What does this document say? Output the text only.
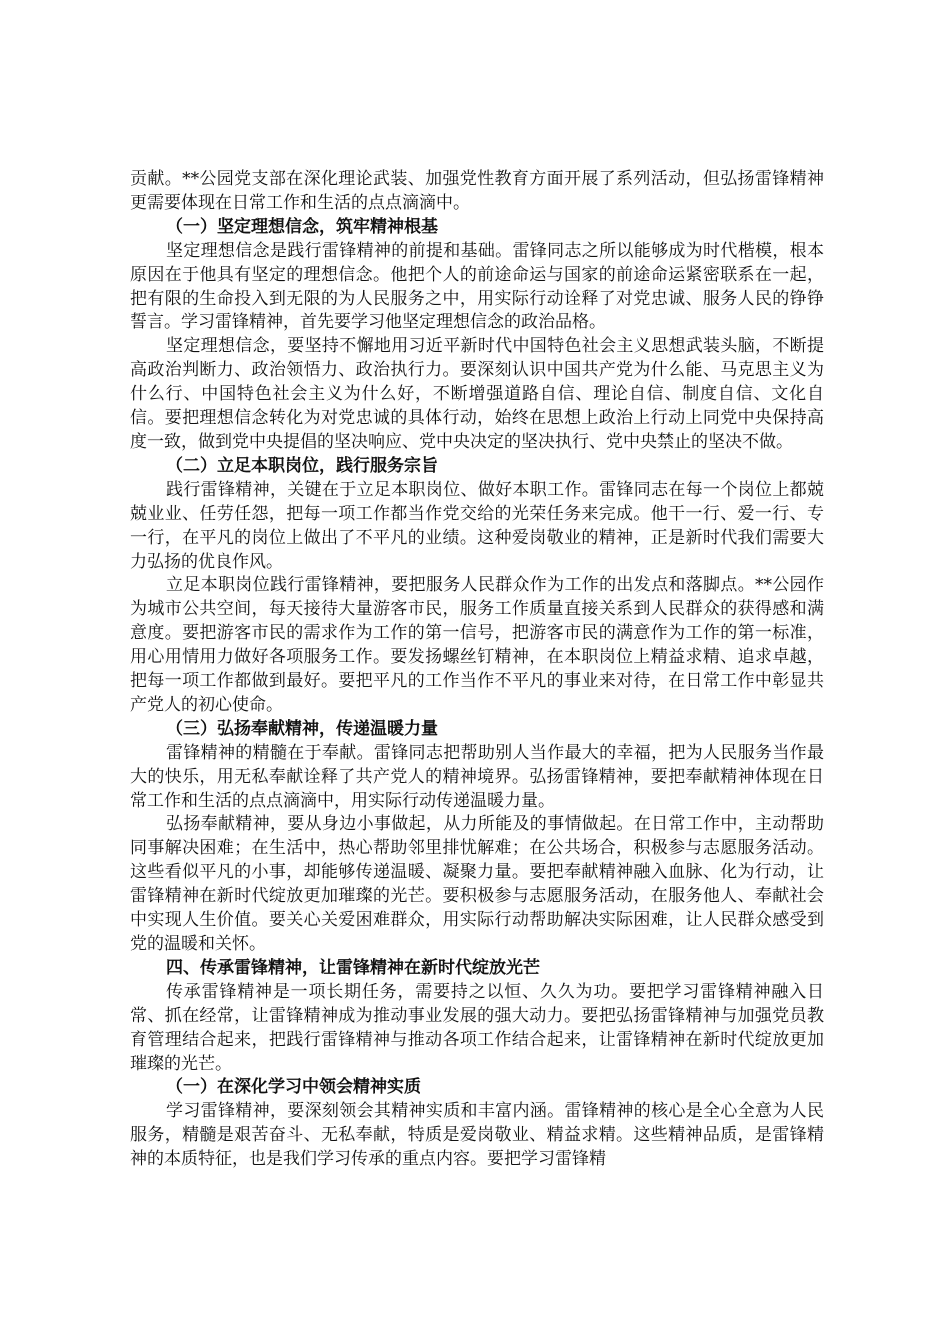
贡献。**公园党支部在深化理论武装、加强党性教育方面开展了系列活动，但弘扬雷锋精神更需要体现在日常工作和生活的点点滴滴中。

（一）坚定理想信念，筑牢精神根基

坚定理想信念是践行雷锋精神的前提和基础。雷锋同志之所以能够成为时代楷模，根本原因在于他具有坚定的理想信念。他把个人的前途命运与国家的前途命运紧密联系在一起，把有限的生命投入到无限的为人民服务之中，用实际行动诠释了对党忠诚、服务人民的铮铮誓言。学习雷锋精神，首先要学习他坚定理想信念的政治品格。

坚定理想信念，要坚持不懈地用习近平新时代中国特色社会主义思想武装头脑，不断提高政治判断力、政治领悟力、政治执行力。要深刻认识中国共产党为什么能、马克思主义为什么行、中国特色社会主义为什么好，不断增强道路自信、理论自信、制度自信、文化自信。要把理想信念转化为对党忠诚的具体行动，始终在思想上政治上行动上同党中央保持高度一致，做到党中央提倡的坚决响应、党中央决定的坚决执行、党中央禁止的坚决不做。

（二）立足本职岗位，践行服务宗旨

践行雷锋精神，关键在于立足本职岗位、做好本职工作。雷锋同志在每一个岗位上都兢兢业业、任劳任怨，把每一项工作都当作党交给的光荣任务来完成。他干一行、爱一行、专一行，在平凡的岗位上做出了不平凡的业绩。这种爱岗敬业的精神，正是新时代我们需要大力弘扬的优良作风。

立足本职岗位践行雷锋精神，要把服务人民群众作为工作的出发点和落脚点。**公园作为城市公共空间，每天接待大量游客市民，服务工作质量直接关系到人民群众的获得感和满意度。要把游客市民的需求作为工作的第一信号，把游客市民的满意作为工作的第一标准，用心用情用力做好各项服务工作。要发扬螺丝钉精神，在本职岗位上精益求精、追求卓越，把每一项工作都做到最好。要把平凡的工作当作不平凡的事业来对待，在日常工作中彰显共产党人的初心使命。

（三）弘扬奉献精神，传递温暖力量

雷锋精神的精髓在于奉献。雷锋同志把帮助别人当作最大的幸福，把为人民服务当作最大的快乐，用无私奉献诠释了共产党人的精神境界。弘扬雷锋精神，要把奉献精神体现在日常工作和生活的点点滴滴中，用实际行动传递温暖力量。

弘扬奉献精神，要从身边小事做起，从力所能及的事情做起。在日常工作中，主动帮助同事解决困难；在生活中，热心帮助邻里排忧解难；在公共场合，积极参与志愿服务活动。这些看似平凡的小事，却能够传递温暖、凝聚力量。要把奉献精神融入血脉、化为行动，让雷锋精神在新时代绽放更加璀璨的光芒。要积极参与志愿服务活动，在服务他人、奉献社会中实现人生价值。要关心关爱困难群众，用实际行动帮助解决实际困难，让人民群众感受到党的温暖和关怀。

四、传承雷锋精神，让雷锋精神在新时代绽放光芒

传承雷锋精神是一项长期任务，需要持之以恒、久久为功。要把学习雷锋精神融入日常、抓在经常，让雷锋精神成为推动事业发展的强大动力。要把弘扬雷锋精神与加强党员教育管理结合起来，把践行雷锋精神与推动各项工作结合起来，让雷锋精神在新时代绽放更加璀璨的光芒。

（一）在深化学习中领会精神实质

学习雷锋精神，要深刻领会其精神实质和丰富内涵。雷锋精神的核心是全心全意为人民服务，精髓是艰苦奋斗、无私奉献，特质是爱岗敬业、精益求精。这些精神品质，是雷锋精神的本质特征，也是我们学习传承的重点内容。要把学习雷锋精
